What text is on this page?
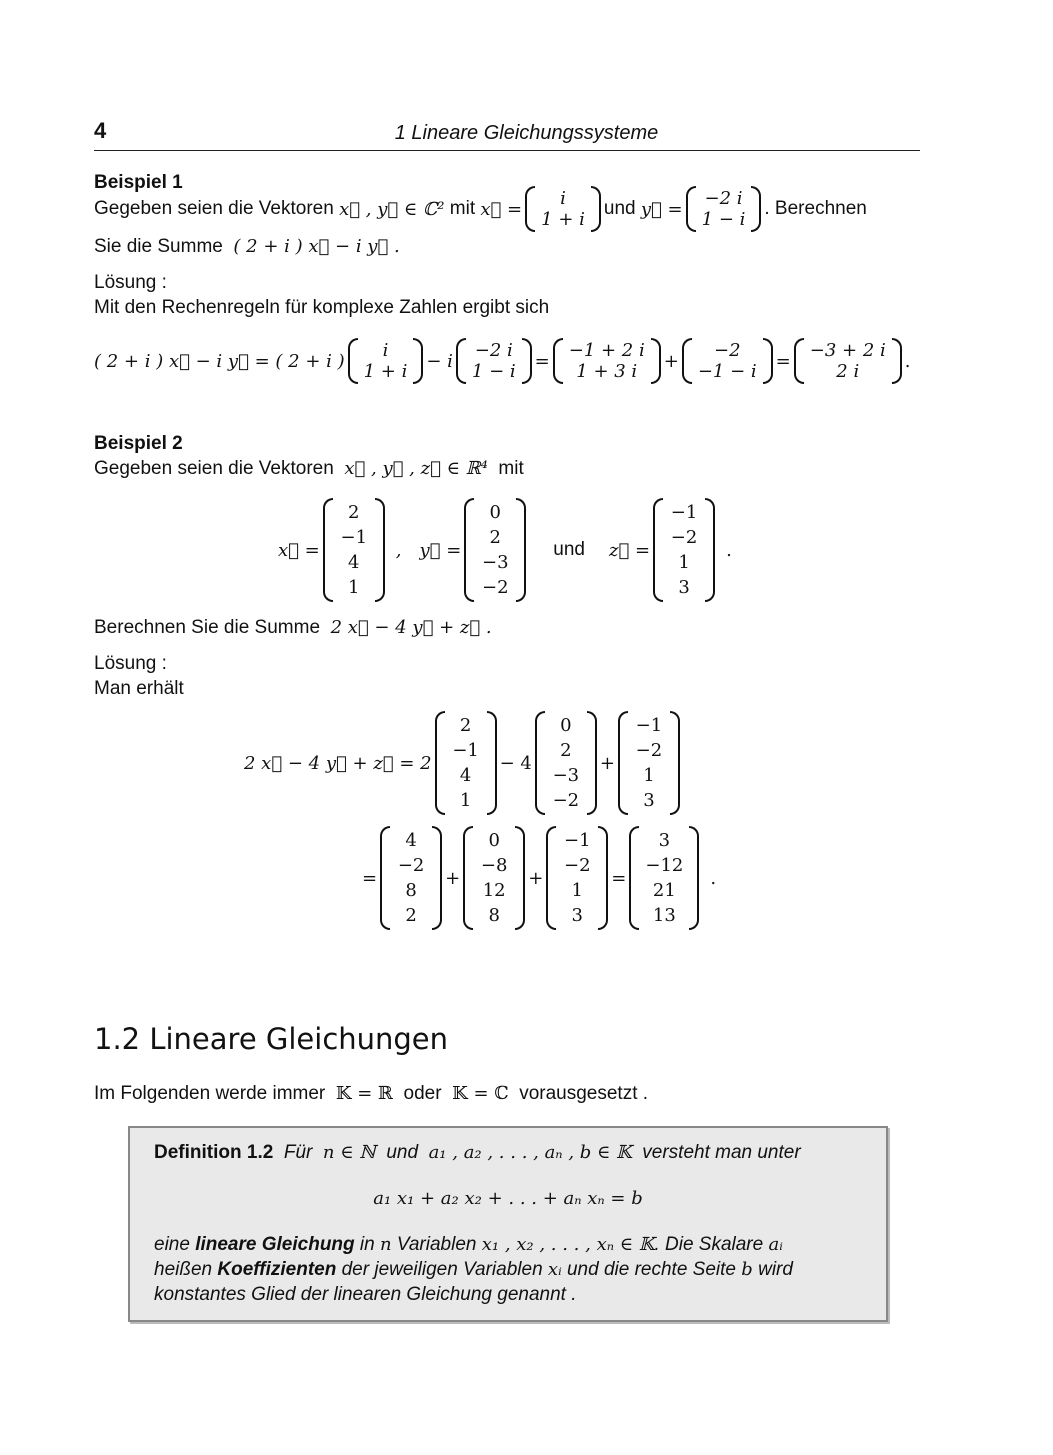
4	1 Lineare Gleichungssysteme
Beispiel 1
Gegeben seien die Vektoren
x⃗ , y⃗ ∈ ℂ²
mit
x⃗ =	i
1 + i
und
y⃗ = −2 i
1 − i
. Berechnen
Sie die Summe ( 2 + i ) x⃗ − i y⃗ .
Lösung :
Mit den Rechenregeln für komplexe Zahlen ergibt sich
( 2 + i ) x⃗ − i y⃗ = ( 2 + i )	i
1 + i − i −2 i
1 − i = −1 + 2 i
1 + 3 i	+	−2
−1 − i = −3 + 2 i
2 i	.
Beispiel 2
Gegeben seien die Vektoren x⃗ , y⃗ , z⃗ ∈ ℝ⁴ mit
x⃗ =
2
−1
4
1
, y⃗ =
0
2
−3
−2
und z⃗ =
−1
−2
1
3
.
Berechnen Sie die Summe 2 x⃗ − 4 y⃗ + z⃗ .
Lösung :
Man erhält
2 x⃗ − 4 y⃗ + z⃗ = 2
2
−1
4
1
− 4
0
2
−3
−2
+
−1
−2
1
3
=
4
−2
8
2
+
0
−8
12
8
+
−1
−2
1
3
=
3
−12
21
13
.
1.2 Lineare Gleichungen
Im Folgenden werde immer 𝕂 = ℝ oder 𝕂 = ℂ vorausgesetzt .
Definition 1.2 Für n ∈ ℕ und a₁ , a₂ , . . . , aₙ , b ∈ 𝕂 versteht man unter
a₁ x₁ + a₂ x₂ + . . . + aₙ xₙ = b
eine lineare Gleichung in n Variablen x₁ , x₂ , . . . , xₙ ∈ 𝕂. Die Skalare aᵢ
heißen Koeffizienten der jeweiligen Variablen xᵢ und die rechte Seite b wird
konstantes Glied der linearen Gleichung genannt .
